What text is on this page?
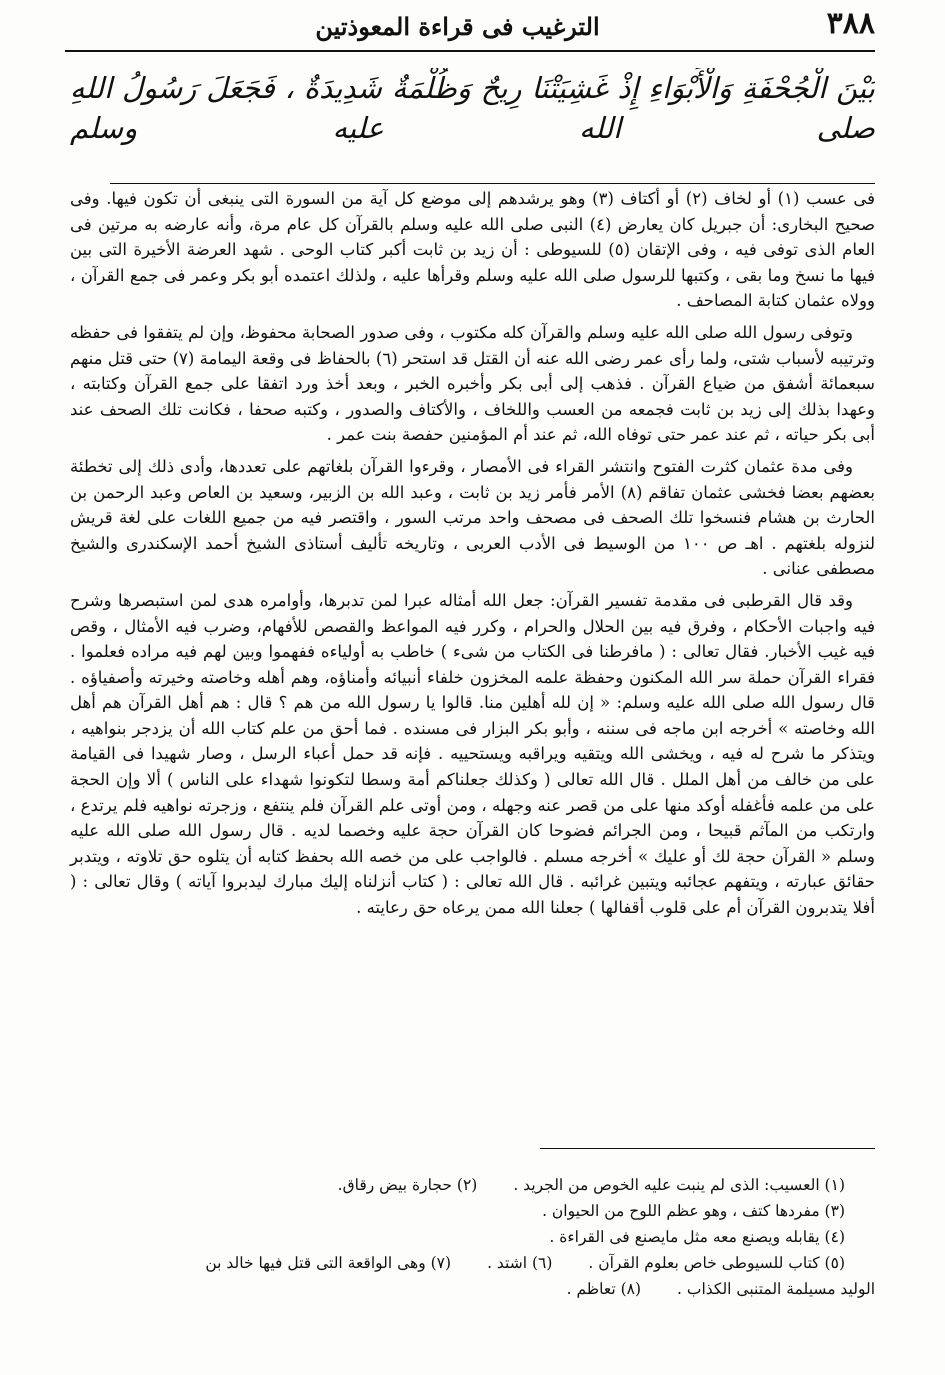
٣٨٨
الترغيب فى قراءة المعوذتين
بَيْنَ الْجُحْفَةِ وَالْأَبْوَاءِ إِذْ غَشِيَتْنَا رِيحٌ وَظُلْمَةٌ شَدِيدَةٌ ، فَجَعَلَ رَسُولُ اللهِ صلى الله عليه وسلم

فى عسب (١) أو لخاف (٢) أو أكتاف (٣) وهو يرشدهم إلى موضع كل آية من السورة التى ينبغى أن تكون فيها. وفى صحيح البخارى: أن جبريل كان يعارض (٤) النبى صلى الله عليه وسلم بالقرآن كل عام مرة، وأنه عارضه به مرتين فى العام الذى توفى فيه ، وفى الإتقان (٥) للسيوطى : أن زيد بن ثابت أكبر كتاب الوحى . شهد العرضة الأخيرة التى بين فيها ما نسخ وما بقى ، وكتبها للرسول صلى الله عليه وسلم وقرأها عليه ، ولذلك اعتمده أبو بكر وعمر فى جمع القرآن ، وولاه عثمان كتابة المصاحف .

وتوفى رسول الله صلى الله عليه وسلم والقرآن كله مكتوب ، وفى صدور الصحابة محفوظ، وإن لم يتفقوا فى حفظه وترتيبه لأسباب شتى، ولما رأى عمر رضى الله عنه أن القتل قد استحر (٦) بالحفاظ فى وقعة اليمامة (٧) حتى قتل منهم سبعمائة أشفق من ضياع القرآن . فذهب إلى أبى بكر وأخبره الخبر ، وبعد أخذ ورد اتفقا على جمع القرآن وكتابته ، وعهدا بذلك إلى زيد بن ثابت فجمعه من العسب واللخاف ، والأكتاف والصدور ، وكتبه صحفا ، فكانت تلك الصحف عند أبى بكر حياته ، ثم عند عمر حتى توفاه الله، ثم عند أم المؤمنين حفصة بنت عمر .

وفى مدة عثمان كثرت الفتوح وانتشر القراء فى الأمصار ، وقرءوا القرآن بلغاتهم على تعددها، وأدى ذلك إلى تخطئة بعضهم بعضا فخشى عثمان تفاقم (٨) الأمر فأمر زيد بن ثابت ، وعبد الله بن الزبير، وسعيد بن العاص وعبد الرحمن بن الحارث بن هشام فنسخوا تلك الصحف فى مصحف واحد مرتب السور ، واقتصر فيه من جميع اللغات على لغة قريش لنزوله بلغتهم . اهـ ص ١٠٠ من الوسيط فى الأدب العربى ، وتاريخه تأليف أستاذى الشيخ أحمد الإسكندرى والشيخ مصطفى عنانى .

وقد قال القرطبى فى مقدمة تفسير القرآن: جعل الله أمثاله عبرا لمن تدبرها، وأوامره هدى لمن استبصرها وشرح فيه واجبات الأحكام ، وفرق فيه بين الحلال والحرام ، وكرر فيه المواعظ والقصص للأفهام، وضرب فيه الأمثال ، وقص فيه غيب الأخبار. فقال تعالى : ( مافرطنا فى الكتاب من شىء ) خاطب به أولياءه ففهموا وبين لهم فيه مراده فعلموا . فقراء القرآن حملة سر الله المكنون وحفظة علمه المخزون خلفاء أنبيائه وأمناؤه، وهم أهله وخاصته وخيرته وأصفياؤه . قال رسول الله صلى الله عليه وسلم: « إن لله أهلين منا. قالوا يا رسول الله من هم ؟ قال : هم أهل القرآن هم أهل الله وخاصته » أخرجه ابن ماجه فى سننه ، وأبو بكر البزار فى مسنده . فما أحق من علم كتاب الله أن يزدجر بنواهيه ، ويتذكر ما شرح له فيه ، ويخشى الله ويتقيه ويراقبه ويستحييه . فإنه قد حمل أعباء الرسل ، وصار شهيدا فى القيامة على من خالف من أهل الملل . قال الله تعالى ( وكذلك جعلناكم أمة وسطا لتكونوا شهداء على الناس ) ألا وإن الحجة على من علمه فأغفله أوكد منها على من قصر عنه وجهله ، ومن أوتى علم القرآن فلم ينتفع ، وزجرته نواهيه فلم يرتدع ، وارتكب من المآثم قبيحا ، ومن الجرائم فضوحا كان القرآن حجة عليه وخصما لديه . قال رسول الله صلى الله عليه وسلم « القرآن حجة لك أو عليك » أخرجه مسلم . فالواجب على من خصه الله بحفظ كتابه أن يتلوه حق تلاوته ، ويتدبر حقائق عبارته ، ويتفهم عجائبه ويتبين غرائبه . قال الله تعالى : ( كتاب أنزلناه إليك مبارك ليدبروا آياته ) وقال تعالى : ( أفلا يتدبرون القرآن أم على قلوب أقفالها ) جعلنا الله ممن يرعاه حق رعايته .

(١) العسيب: الذى لم ينبت عليه الخوص من الجريد .
(٢) حجارة بيض رقاق.
(٣) مفردها كتف ، وهو عظم اللوح من الحيوان .
(٤) يقابله ويصنع معه مثل مايصنع فى القراءة .
(٥) كتاب للسيوطى خاص بعلوم القرآن .
(٦) اشتد .
(٧) وهى الواقعة التى قتل فيها خالد بن
الوليد مسيلمة المتنبى الكذاب .
(٨) تعاظم .
